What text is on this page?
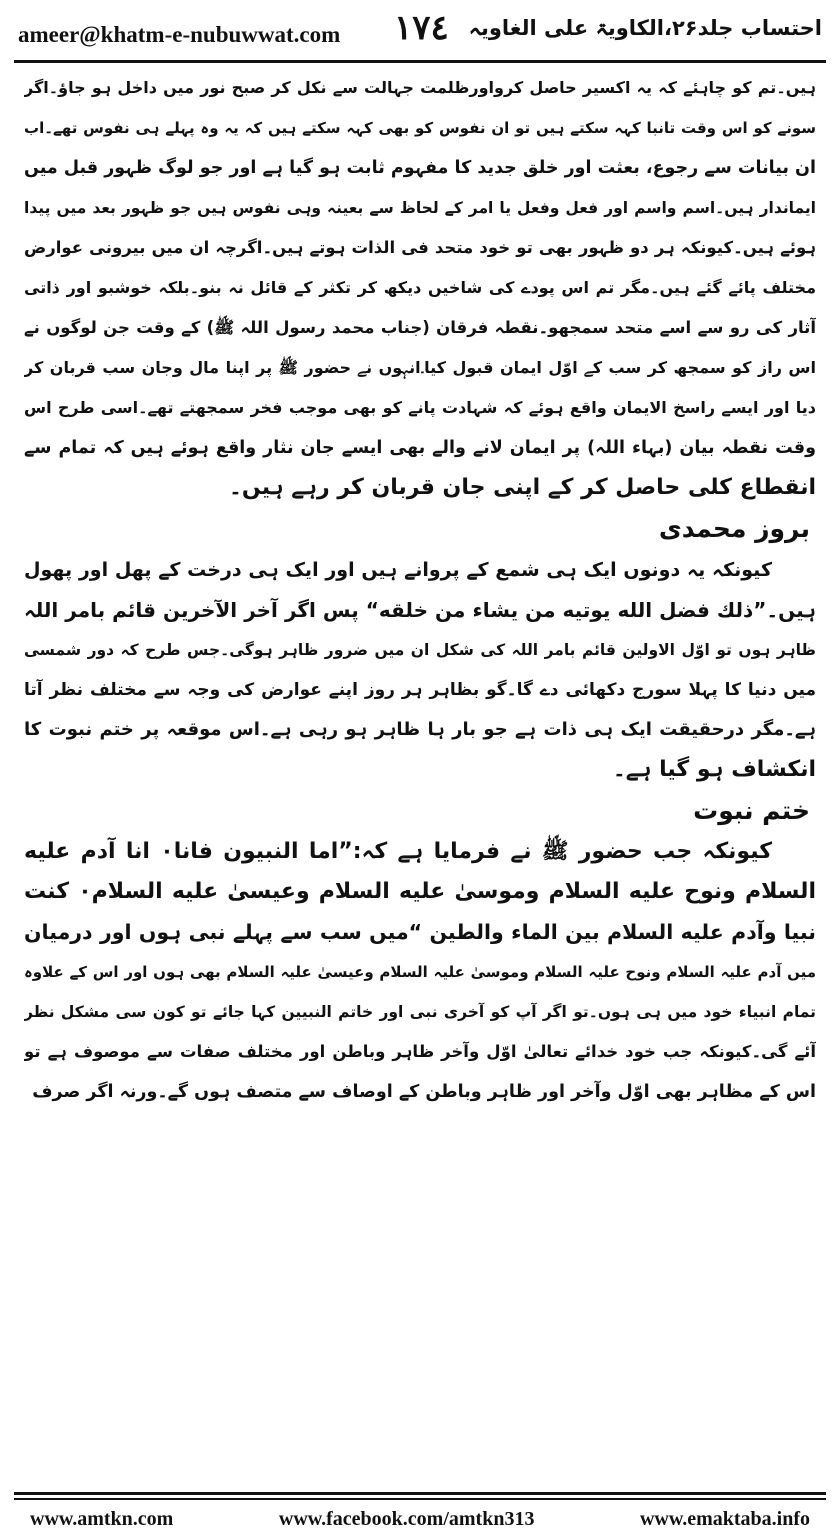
ameer@khatm-e-nubuwwat.com ١٧٤ احتساب جلد۲۶،الکاویۃ علی الغاویہ
ہیں۔تم کو چاہئے کہ یہ اکسیر حاصل کرواورظلمت جہالت سے نکل کر صبح نور میں داخل ہو جاؤ۔اگر
سونے کو اس وقت تانبا کہہ سکتے ہیں تو ان نفوس کو بھی کہہ سکتے ہیں کہ یہ وہ پہلے ہی نفوس تھے۔اب
ان بیانات سے رجوع، بعثت اور خلق جدید کا مفہوم ثابت ہو گیا ہے اور جو لوگ ظہور قبل میں
ایماندار ہیں۔اسم واسم اور فعل وفعل یا امر کے لحاظ سے بعینہ وہی نفوس ہیں جو ظہور بعد میں پیدا
ہوئے ہیں۔کیونکہ ہر دو ظہور بھی تو خود متحد فی الذات ہوتے ہیں۔اگرچہ ان میں بیرونی عوارض
مختلف پائے گئے ہیں۔مگر تم اس پودے کی شاخیں دیکھ کر تکثر کے قائل نہ بنو۔بلکہ خوشبو اور ذاتی
آثار کی رو سے اسے متحد سمجھو۔نقطہ فرقان (جناب محمد رسول اللہ ﷺ) کے وقت جن لوگوں نے
اس راز کو سمجھ کر سب کے اوّل ایمان قبول کیا۔انہوں نے حضور ﷺ پر اپنا مال وجان سب قربان کر
دیا اور ایسے راسخ الایمان واقع ہوئے کہ شہادت پانے کو بھی موجب فخر سمجھتے تھے۔اسی طرح اس
وقت نقطہ بیان (بہاء اللہ) پر ایمان لانے والے بھی ایسے جان نثار واقع ہوئے ہیں کہ تمام سے
انقطاع کلی حاصل کر کے اپنی جان قربان کر رہے ہیں۔
بروز محمدی
کیونکہ یہ دونوں ایک ہی شمع کے پروانے ہیں اور ایک ہی درخت کے پھل اور پھول
ہیں۔”ذلك فضل الله يوتيه من يشاء من خلقه“ پس اگر آخر الآخرین قائم بامر اللہ
ظاہر ہوں تو اوّل الاولین قائم بامر اللہ کی شکل ان میں ضرور ظاہر ہوگی۔جس طرح کہ دور شمسی
میں دنیا کا پہلا سورج دکھائی دے گا۔گو بظاہر ہر روز اپنے عوارض کی وجہ سے مختلف نظر آتا
ہے۔مگر درحقیقت ایک ہی ذات ہے جو بار ہا ظاہر ہو رہی ہے۔اس موقعہ پر ختم نبوت کا
انکشاف ہو گیا ہے۔
ختم نبوت
کیونکہ جب حضور ﷺ نے فرمایا ہے کہ:”اما النبيون فانا۰ انا آدم عليه
السلام ونوح عليه السلام وموسىٰ عليه السلام وعيسىٰ عليه السلام۰ كنت
نبيا وآدم عليه السلام بين الماء والطين “میں سب سے پہلے نبی ہوں اور درمیان
میں آدم علیہ السلام ونوح علیہ السلام وموسیٰ علیہ السلام وعیسیٰ علیہ السلام بھی ہوں اور اس کے علاوہ
تمام انبیاء خود میں ہی ہوں۔تو اگر آپ کو آخری نبی اور خاتم النبیین کہا جائے تو کون سی مشکل نظر
آئے گی۔کیونکہ جب خود خدائے تعالیٰ اوّل وآخر ظاہر وباطن اور مختلف صفات سے موصوف ہے تو
اس کے مظاہر بھی اوّل وآخر اور ظاہر وباطن کے اوصاف سے متصف ہوں گے۔ورنہ اگر صرف
www.amtkn.com	www.facebook.com/amtkn313	www.emaktaba.info
